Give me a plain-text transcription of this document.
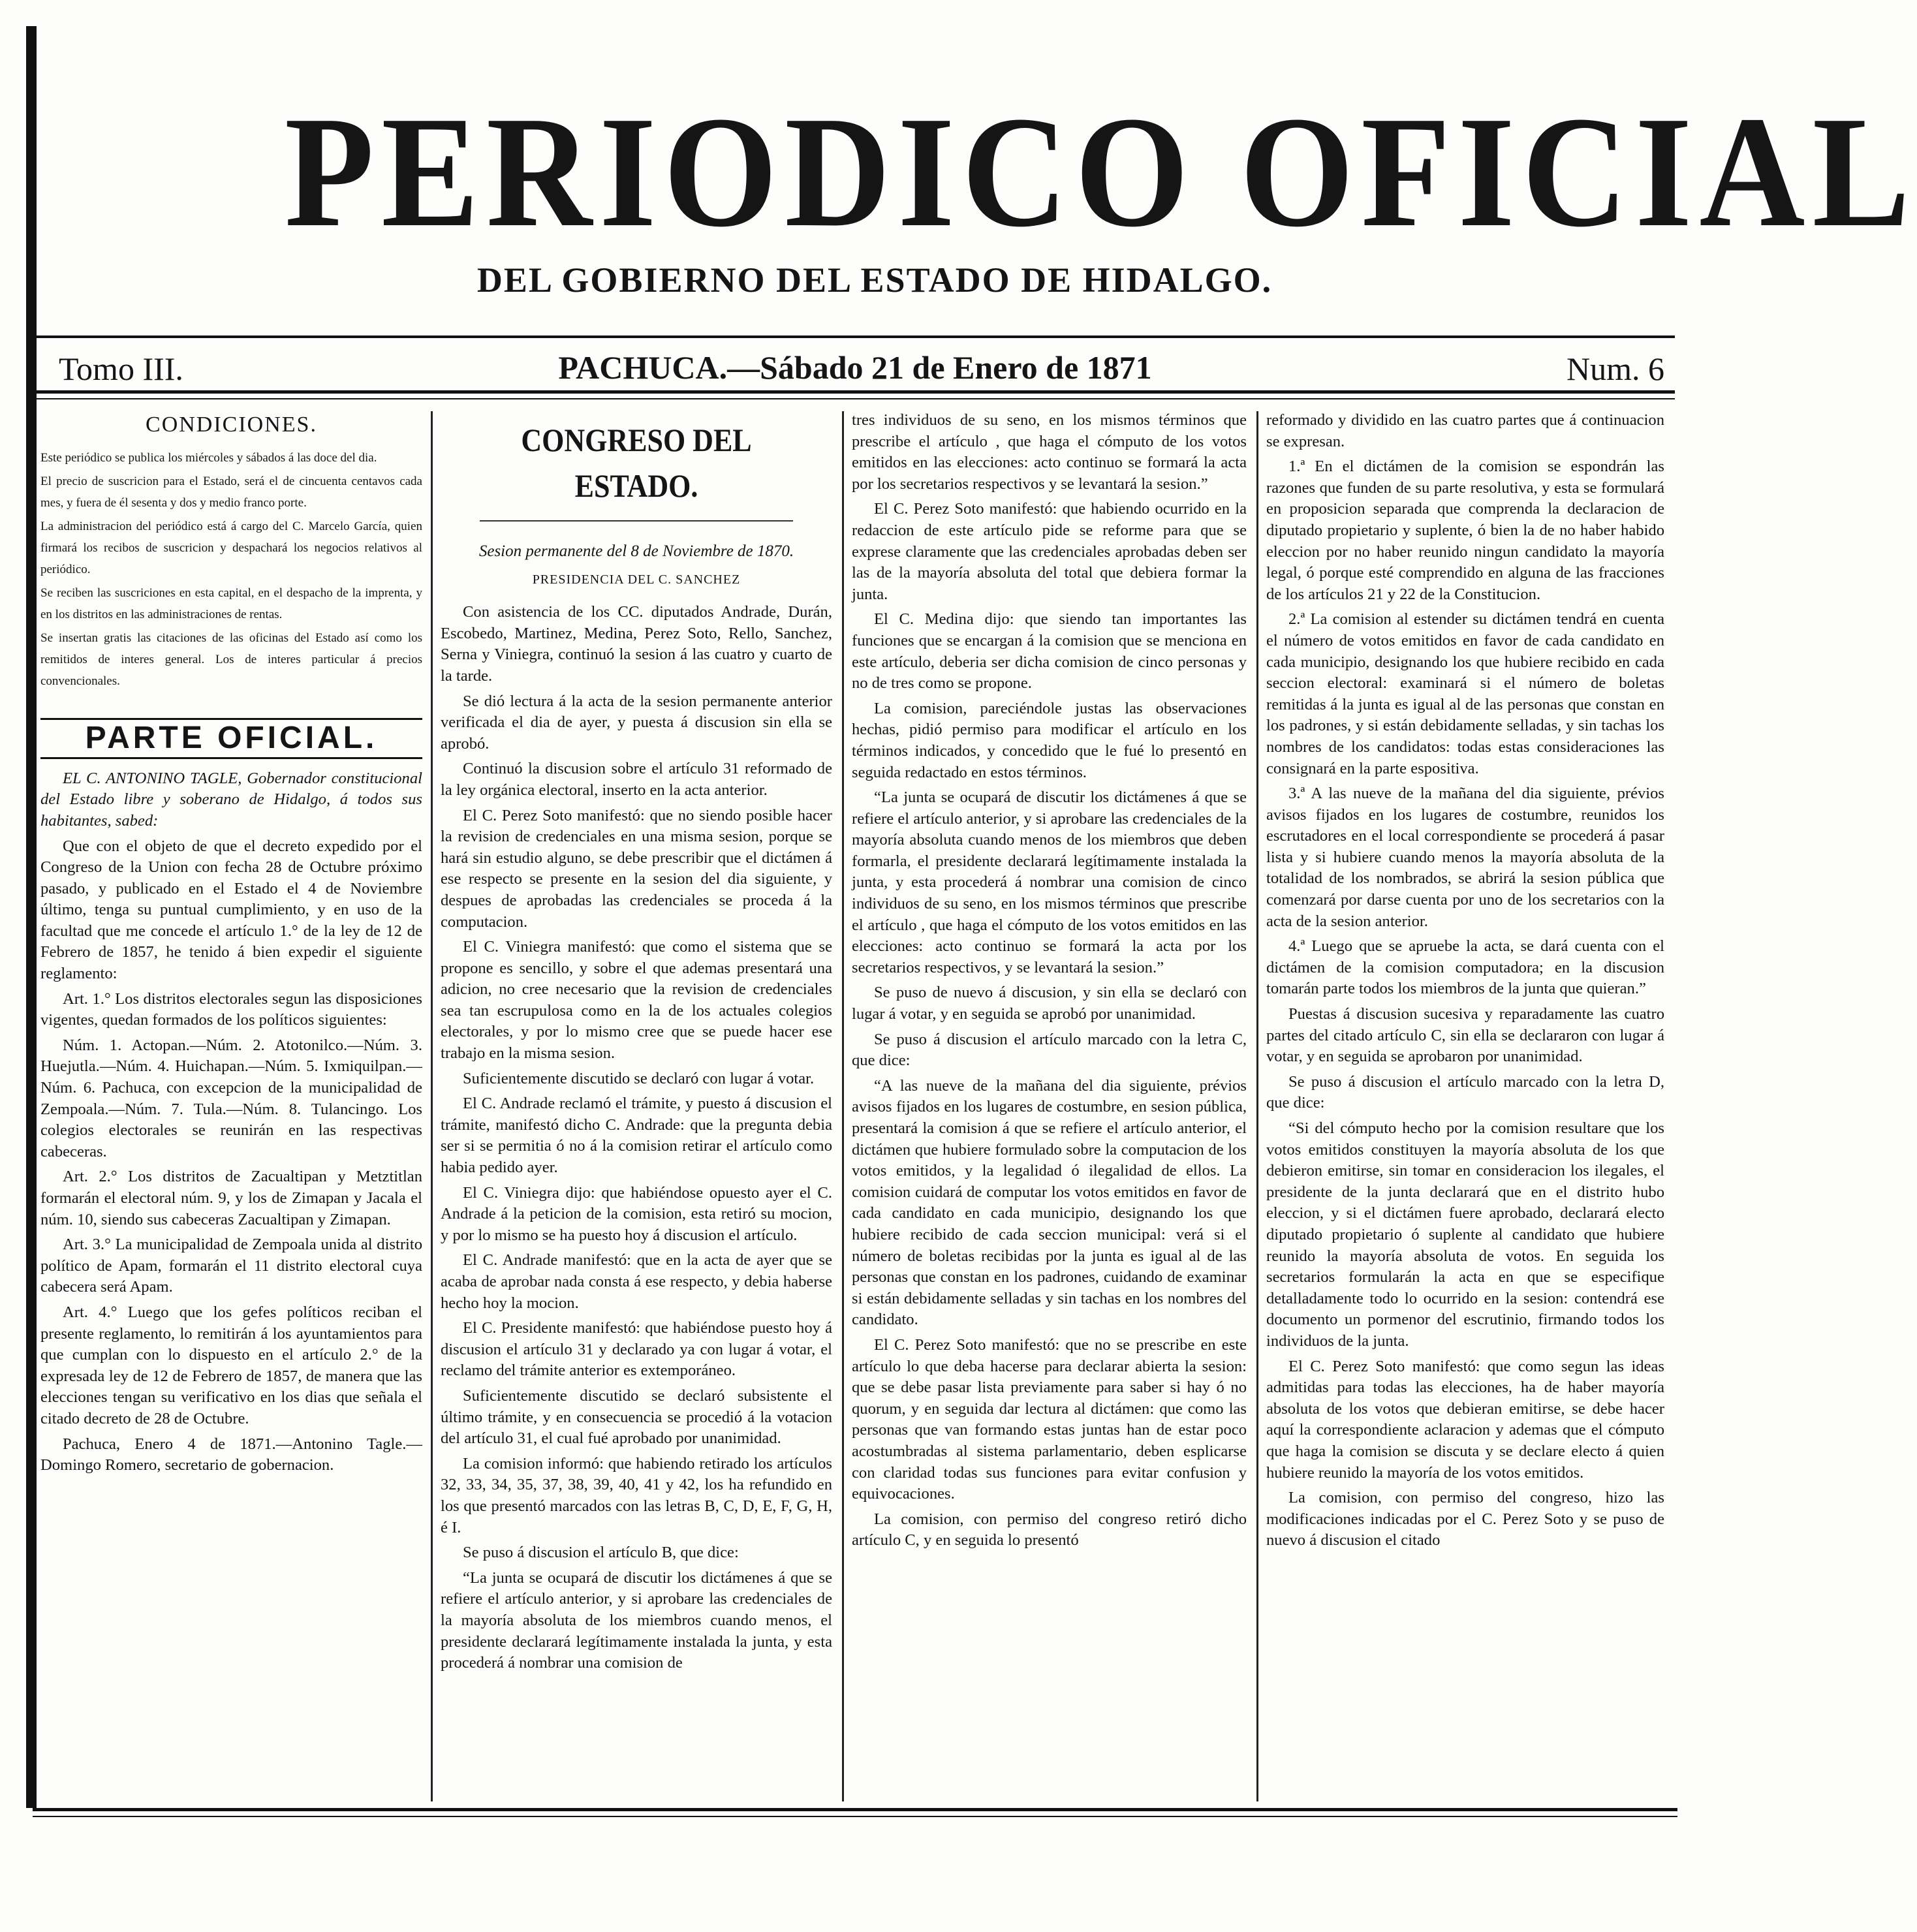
PERIODICO OFICIAL
DEL GOBIERNO DEL ESTADO DE HIDALGO.
Tomo III.	PACHUCA.—Sábado 21 de Enero de 1871	Num. 6
CONDICIONES.

Este periódico se publica los miércoles y sábados á las doce del dia.

El precio de suscricion para el Estado, será el de cincuenta centavos cada mes, y fuera de él sesenta y dos y medio franco porte.

La administracion del periódico está á cargo del C. Marcelo García, quien firmará los recibos de suscricion y despachará los negocios relativos al periódico.

Se reciben las suscriciones en esta capital, en el despacho de la imprenta, y en los distritos en las administraciones de rentas.

Se insertan gratis las citaciones de las oficinas del Estado así como los remitidos de interes general. Los de interes particular á precios convencionales.

PARTE OFICIAL.

EL C. ANTONINO TAGLE, Gobernador constitucional del Estado libre y soberano de Hidalgo, á todos sus habitantes, sabed:

Que con el objeto de que el decreto expedido por el Congreso de la Union con fecha 28 de Octubre próximo pasado, y publicado en el Estado el 4 de Noviembre último, tenga su puntual cumplimiento, y en uso de la facultad que me concede el artículo 1.° de la ley de 12 de Febrero de 1857, he tenido á bien expedir el siguiente reglamento:

Art. 1.° Los distritos electorales segun las disposiciones vigentes, quedan formados de los políticos siguientes:

Núm. 1. Actopan.—Núm. 2. Atotonilco.—Núm. 3. Huejutla.—Núm. 4. Huichapan.—Núm. 5. Ixmiquilpan.—Núm. 6. Pachuca, con excepcion de la municipalidad de Zempoala.—Núm. 7. Tula.—Núm. 8. Tulancingo. Los colegios electorales se reunirán en las respectivas cabeceras.

Art. 2.° Los distritos de Zacualtipan y Metztitlan formarán el electoral núm. 9, y los de Zimapan y Jacala el núm. 10, siendo sus cabeceras Zacualtipan y Zimapan.

Art. 3.° La municipalidad de Zempoala unida al distrito político de Apam, formarán el 11 distrito electoral cuya cabecera será Apam.

Art. 4.° Luego que los gefes políticos reciban el presente reglamento, lo remitirán á los ayuntamientos para que cumplan con lo dispuesto en el artículo 2.° de la expresada ley de 12 de Febrero de 1857, de manera que las elecciones tengan su verificativo en los dias que señala el citado decreto de 28 de Octubre.

Pachuca, Enero 4 de 1871.—Antonino Tagle.—Domingo Romero, secretario de gobernacion.

CONGRESO DEL ESTADO.
Sesion permanente del 8 de Noviembre de 1870.
PRESIDENCIA DEL C. SANCHEZ

Con asistencia de los CC. diputados Andrade, Durán, Escobedo, Martinez, Medina, Perez Soto, Rello, Sanchez, Serna y Viniegra, continuó la sesion á las cuatro y cuarto de la tarde.

Se dió lectura á la acta de la sesion permanente anterior verificada el dia de ayer, y puesta á discusion sin ella se aprobó.

Continuó la discusion sobre el artículo 31 reformado de la ley orgánica electoral, inserto en la acta anterior.

El C. Perez Soto manifestó: que no siendo posible hacer la revision de credenciales en una misma sesion, porque se hará sin estudio alguno, se debe prescribir que el dictámen á ese respecto se presente en la sesion del dia siguiente, y despues de aprobadas las credenciales se proceda á la computacion.

El C. Viniegra manifestó: que como el sistema que se propone es sencillo, y sobre el que ademas presentará una adicion, no cree necesario que la revision de credenciales sea tan escrupulosa como en la de los actuales colegios electorales, y por lo mismo cree que se puede hacer ese trabajo en la misma sesion.

Suficientemente discutido se declaró con lugar á votar.

El C. Andrade reclamó el trámite, y puesto á discusion el trámite, manifestó dicho C. Andrade: que la pregunta debia ser si se permitia ó no á la comision retirar el artículo como habia pedido ayer.

El C. Viniegra dijo: que habiéndose opuesto ayer el C. Andrade á la peticion de la comision, esta retiró su mocion, y por lo mismo se ha puesto hoy á discusion el artículo.

El C. Andrade manifestó: que en la acta de ayer que se acaba de aprobar nada consta á ese respecto, y debia haberse hecho hoy la mocion.

El C. Presidente manifestó: que habiéndose puesto hoy á discusion el artículo 31 y declarado ya con lugar á votar, el reclamo del trámite anterior es extemporáneo.

Suficientemente discutido se declaró subsistente el último trámite, y en consecuencia se procedió á la votacion del artículo 31, el cual fué aprobado por unanimidad.

La comision informó: que habiendo retirado los artículos 32, 33, 34, 35, 37, 38, 39, 40, 41 y 42, los ha refundido en los que presentó marcados con las letras B, C, D, E, F, G, H, é I.

Se puso á discusion el artículo B, que dice:

“La junta se ocupará de discutir los dictámenes á que se refiere el artículo anterior, y si aprobare las credenciales de la mayoría absoluta de los miembros cuando menos, el presidente declarará legítimamente instalada la junta, y esta procederá á nombrar una comision de

tres individuos de su seno, en los mismos términos que prescribe el artículo , que haga el cómputo de los votos emitidos en las elecciones: acto continuo se formará la acta por los secretarios respectivos y se levantará la sesion.”

El C. Perez Soto manifestó: que habiendo ocurrido en la redaccion de este artículo pide se reforme para que se exprese claramente que las credenciales aprobadas deben ser las de la mayoría absoluta del total que debiera formar la junta.

El C. Medina dijo: que siendo tan importantes las funciones que se encargan á la comision que se menciona en este artículo, deberia ser dicha comision de cinco personas y no de tres como se propone.

La comision, pareciéndole justas las observaciones hechas, pidió permiso para modificar el artículo en los términos indicados, y concedido que le fué lo presentó en seguida redactado en estos términos.

“La junta se ocupará de discutir los dictámenes á que se refiere el artículo anterior, y si aprobare las credenciales de la mayoría absoluta cuando menos de los miembros que deben formarla, el presidente declarará legítimamente instalada la junta, y esta procederá á nombrar una comision de cinco individuos de su seno, en los mismos términos que prescribe el artículo , que haga el cómputo de los votos emitidos en las elecciones: acto continuo se formará la acta por los secretarios respectivos, y se levantará la sesion.”

Se puso de nuevo á discusion, y sin ella se declaró con lugar á votar, y en seguida se aprobó por unanimidad.

Se puso á discusion el artículo marcado con la letra C, que dice:

“A las nueve de la mañana del dia siguiente, prévios avisos fijados en los lugares de costumbre, en sesion pública, presentará la comision á que se refiere el artículo anterior, el dictámen que hubiere formulado sobre la computacion de los votos emitidos, y la legalidad ó ilegalidad de ellos. La comision cuidará de computar los votos emitidos en favor de cada candidato en cada municipio, designando los que hubiere recibido de cada seccion municipal: verá si el número de boletas recibidas por la junta es igual al de las personas que constan en los padrones, cuidando de examinar si están debidamente selladas y sin tachas en los nombres del candidato.

El C. Perez Soto manifestó: que no se prescribe en este artículo lo que deba hacerse para declarar abierta la sesion: que se debe pasar lista previamente para saber si hay ó no quorum, y en seguida dar lectura al dictámen: que como las personas que van formando estas juntas han de estar poco acostumbradas al sistema parlamentario, deben esplicarse con claridad todas sus funciones para evitar confusion y equivocaciones.

La comision, con permiso del congreso retiró dicho artículo C, y en seguida lo presentó

reformado y dividido en las cuatro partes que á continuacion se expresan.

1.ª En el dictámen de la comision se espondrán las razones que funden de su parte resolutiva, y esta se formulará en proposicion separada que comprenda la declaracion de diputado propietario y suplente, ó bien la de no haber habido eleccion por no haber reunido ningun candidato la mayoría legal, ó porque esté comprendido en alguna de las fracciones de los artículos 21 y 22 de la Constitucion.

2.ª La comision al estender su dictámen tendrá en cuenta el número de votos emitidos en favor de cada candidato en cada municipio, designando los que hubiere recibido en cada seccion electoral: examinará si el número de boletas remitidas á la junta es igual al de las personas que constan en los padrones, y si están debidamente selladas, y sin tachas los nombres de los candidatos: todas estas consideraciones las consignará en la parte espositiva.

3.ª A las nueve de la mañana del dia siguiente, prévios avisos fijados en los lugares de costumbre, reunidos los escrutadores en el local correspondiente se procederá á pasar lista y si hubiere cuando menos la mayoría absoluta de la totalidad de los nombrados, se abrirá la sesion pública que comenzará por darse cuenta por uno de los secretarios con la acta de la sesion anterior.

4.ª Luego que se apruebe la acta, se dará cuenta con el dictámen de la comision computadora; en la discusion tomarán parte todos los miembros de la junta que quieran.”

Puestas á discusion sucesiva y reparadamente las cuatro partes del citado artículo C, sin ella se declararon con lugar á votar, y en seguida se aprobaron por unanimidad.

Se puso á discusion el artículo marcado con la letra D, que dice:

“Si del cómputo hecho por la comision resultare que los votos emitidos constituyen la mayoría absoluta de los que debieron emitirse, sin tomar en consideracion los ilegales, el presidente de la junta declarará que en el distrito hubo eleccion, y si el dictámen fuere aprobado, declarará electo diputado propietario ó suplente al candidato que hubiere reunido la mayoría absoluta de votos. En seguida los secretarios formularán la acta en que se especifique detalladamente todo lo ocurrido en la sesion: contendrá ese documento un pormenor del escrutinio, firmando todos los individuos de la junta.

El C. Perez Soto manifestó: que como segun las ideas admitidas para todas las elecciones, ha de haber mayoría absoluta de los votos que debieran emitirse, se debe hacer aquí la correspondiente aclaracion y ademas que el cómputo que haga la comision se discuta y se declare electo á quien hubiere reunido la mayoría de los votos emitidos.

La comision, con permiso del congreso, hizo las modificaciones indicadas por el C. Perez Soto y se puso de nuevo á discusion el citado
